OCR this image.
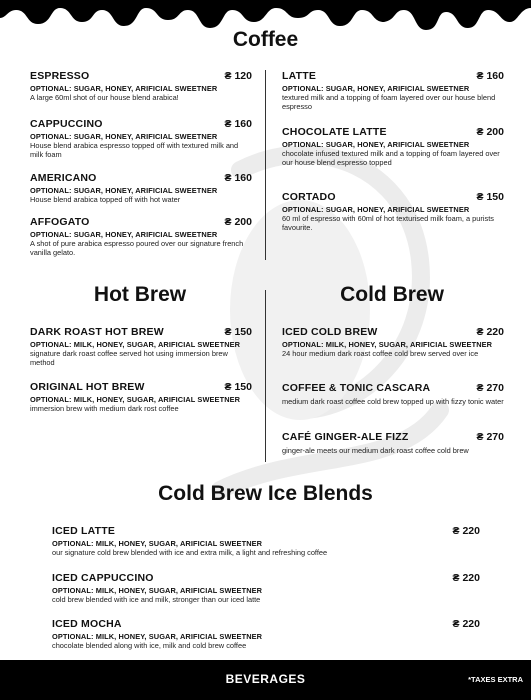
Coffee
ESPRESSO	₴ 120
OPTIONAL: SUGAR, HONEY, ARIFICIAL SWEETNER
A large 60ml shot of our house blend arabica!
CAPPUCCINO	₴ 160
OPTIONAL: SUGAR, HONEY, ARIFICIAL SWEETNER
House blend arabica espresso topped off with textured milk and milk foam
AMERICANO	₴ 160
OPTIONAL: SUGAR, HONEY, ARIFICIAL SWEETNER
House blend arabica topped off with hot water
AFFOGATO	₴ 200
OPTIONAL: SUGAR, HONEY, ARIFICIAL SWEETNER
A shot of pure arabica espresso poured over our signature french vanilla gelato.
LATTE	₴ 160
OPTIONAL: SUGAR, HONEY, ARIFICIAL SWEETNER
textured milk and a topping of foam layered over our house blend espresso
CHOCOLATE LATTE	₴ 200
OPTIONAL: SUGAR, HONEY, ARIFICIAL SWEETNER
chocolate infused textured milk and a topping of foam layered over our house blend espresso topped
CORTADO	₴ 150
OPTIONAL: SUGAR, HONEY, ARIFICIAL SWEETNER
60 ml of espresso with 60ml of hot texturised milk foam, a purists favourite.
Hot Brew	Cold Brew
DARK ROAST HOT BREW	₴ 150
OPTIONAL: MILK, HONEY, SUGAR, ARIFICIAL SWEETNER
signature dark roast coffee served hot using immersion brew method
ORIGINAL HOT BREW	₴ 150
OPTIONAL: MILK, HONEY, SUGAR, ARIFICIAL SWEETNER
immersion brew with medium dark rost coffee
ICED COLD BREW	₴ 220
OPTIONAL: MILK, HONEY, SUGAR, ARIFICIAL SWEETNER
24 hour medium dark roast coffee cold brew served over ice
COFFEE & TONIC CASCARA	₴ 270
medium dark roast coffee cold brew topped up with fizzy tonic water
CAFÉ GINGER-ALE FIZZ	₴ 270
ginger-ale meets our medium dark roast coffee cold brew
Cold Brew Ice Blends
ICED LATTE	₴ 220
OPTIONAL: MILK, HONEY, SUGAR, ARIFICIAL SWEETNER
our signature cold brew blended with ice and extra milk, a light and refreshing coffee
ICED CAPPUCCINO	₴ 220
OPTIONAL: MILK, HONEY, SUGAR, ARIFICIAL SWEETNER
cold brew blended with ice and milk, stronger than our iced latte
ICED MOCHA	₴ 220
OPTIONAL: MILK, HONEY, SUGAR, ARIFICIAL SWEETNER
chocolate blended along with ice, milk and cold brew coffee
BEVERAGES	*TAXES EXTRA
